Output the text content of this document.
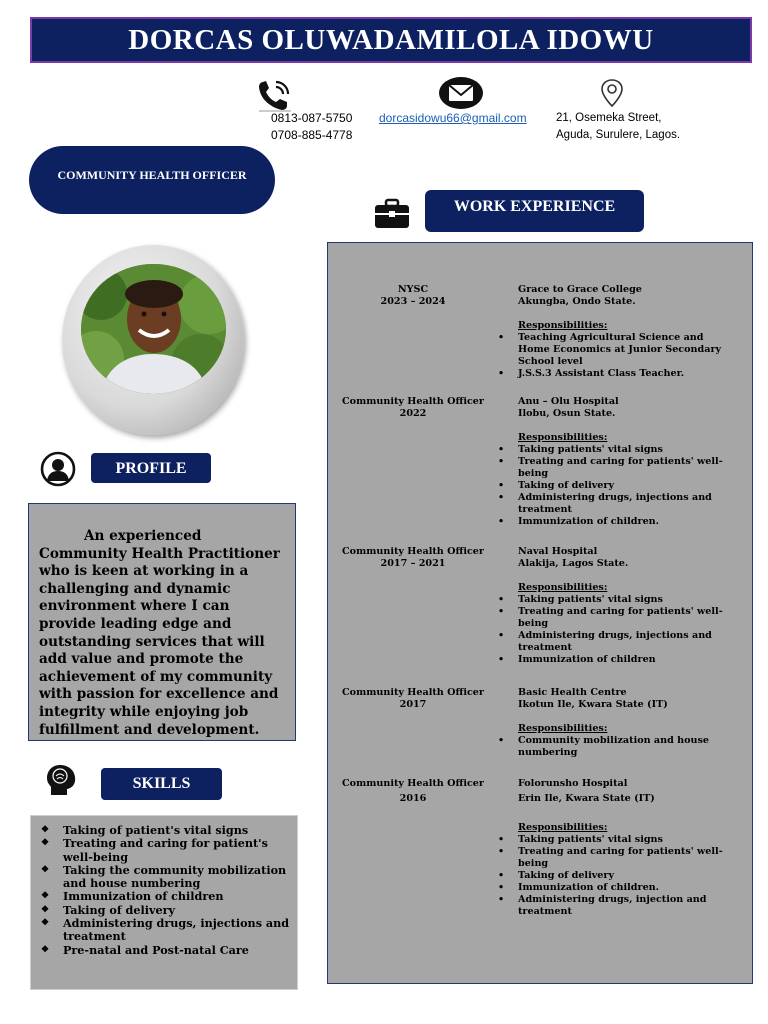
DORCAS OLUWADAMILOLA IDOWU
0813-087-5750
0708-885-4778
dorcasidowu66@gmail.com	21, Osemeka Street,
Aguda, Surulere, Lagos.
COMMUNITY HEALTH OFFICER
WORK EXPERIENCE
PROFILE

An experienced Community Health Practitioner who is keen at working in a challenging and dynamic environment where I can provide leading edge and outstanding services that will add value and promote the achievement of my community with passion for excellence and integrity while enjoying job fulfillment and development.

SKILLS
❖ Taking of patient's vital signs
❖ Treating and caring for patient's well-being
❖ Taking the community mobilization and house numbering
❖ Immunization of children
❖ Taking of delivery
❖ Administering drugs, injections and treatment
❖ Pre-natal and Post-natal Care
NYSC
2023 – 2024
Grace to Grace College
Akungba, Ondo State.
Responsibilities:
• Teaching Agricultural Science and Home Economics at Junior Secondary School level
• J.S.S.3 Assistant Class Teacher.
Community Health Officer
2022
Anu – Olu Hospital
Ilobu, Osun State.
Responsibilities:
• Taking patients' vital signs
• Treating and caring for patients' well-being
• Taking of delivery
• Administering drugs, injections and treatment
• Immunization of children.
Community Health Officer
2017 – 2021
Naval Hospital
Alakija, Lagos State.
Responsibilities:
• Taking patients' vital signs
• Treating and caring for patients' well-being
• Administering drugs, injections and treatment
• Immunization of children
Community Health Officer
2017
Basic Health Centre
Ikotun Ile, Kwara State (IT)
Responsibilities:
• Community mobilization and house numbering
Community Health Officer
2016
Folorunsho Hospital
Erin Ile, Kwara State (IT)
Responsibilities:
• Taking patients' vital signs
• Treating and caring for patients' well-being
• Taking of delivery
• Immunization of children.
• Administering drugs, injection and treatment
